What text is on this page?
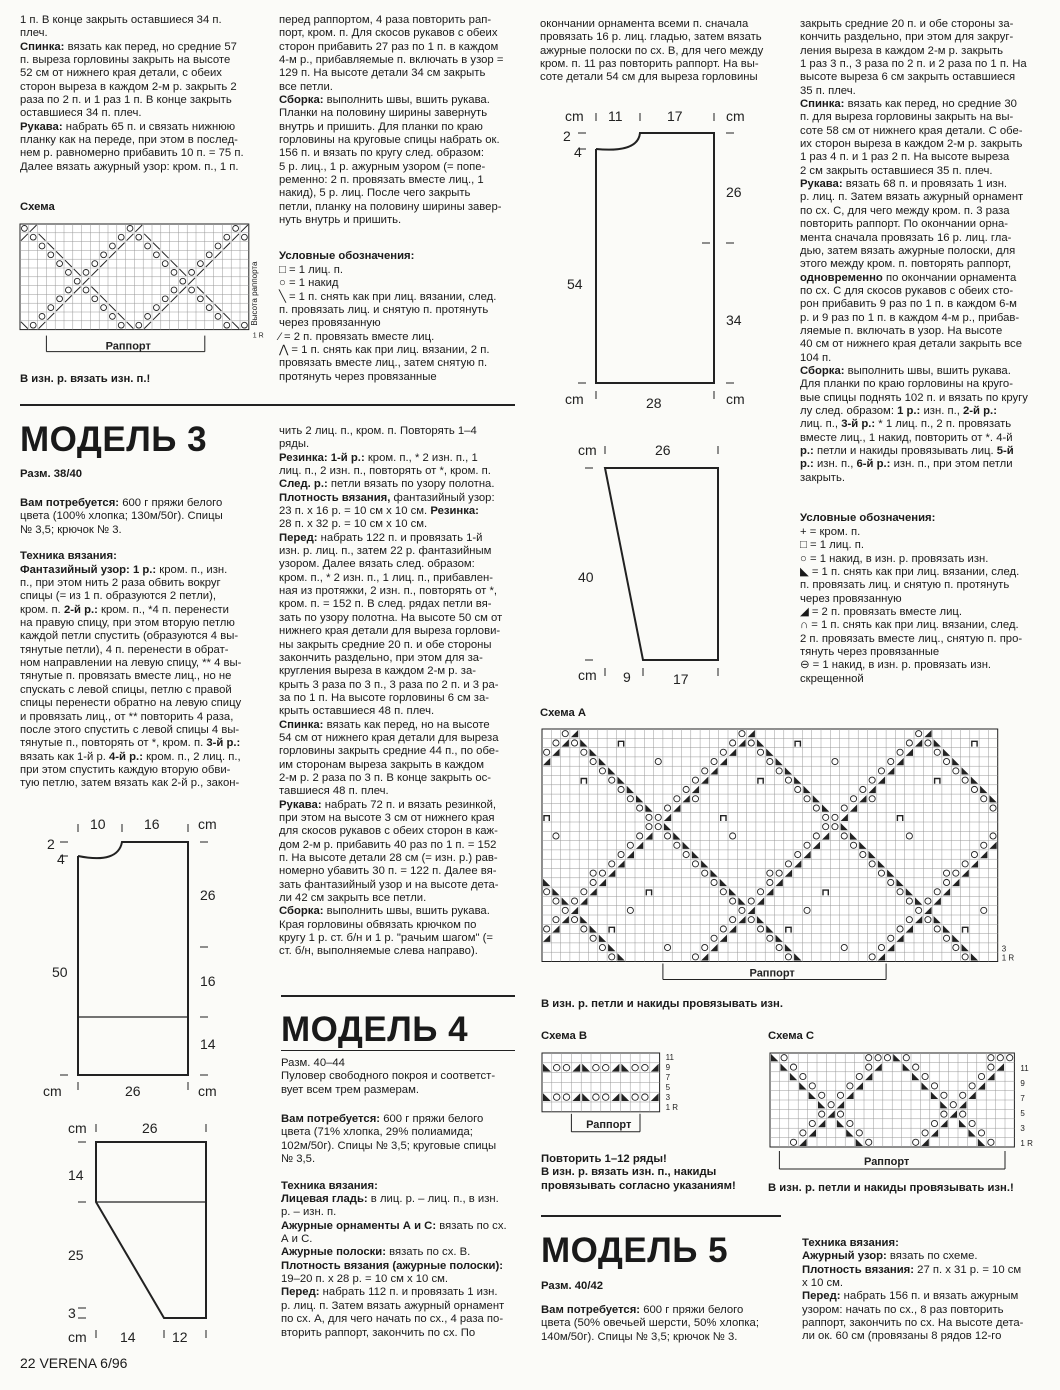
1 п. В конце закрыть оставшиеся 34 п.
плеч.
Спинка: вязать как перед, но средние 57
п. выреза горловины закрыть на высоте
52 см от нижнего края детали, с обеих
сторон выреза в каждом 2-м р. закрыть 2
раза по 2 п. и 1 раз 1 п. В конце закрыть
оставшиеся 34 п. плеч.
Рукава: набрать 65 п. и связать нижнюю
планку как на переде, при этом в послед-
нем р. равномерно прибавить 10 п. = 75 п.
Далее вязать ажурный узор: кром. п., 1 п.
перед раппортом, 4 раза повторить рап-
порт, кром. п. Для скосов рукавов с обеих
сторон прибавить 27 раз по 1 п. в каждом
4-м р., прибавляемые п. включать в узор =
129 п. На высоте детали 34 см закрыть
все петли.
Сборка: выполнить швы, вшить рукава.
Планки на половину ширины завернуть
внутрь и пришить. Для планки по краю
горловины на круговые спицы набрать ок.
156 п. и вязать по кругу след. образом:
5 р. лиц., 1 р. ажурным узором (= попе-
ременно: 2 п. провязать вместе лиц., 1
накид), 5 р. лиц. После чего закрыть
петли, планку на половину ширины завер-
нуть внутрь и пришить.
Схема
Раппорт
Высота раппорта
1 R
В изн. р. вязать изн. п.!
Условные обозначения:
□ = 1 лиц. п.
○ = 1 накид
╲ = 1 п. снять как при лиц. вязании, след.
п. провязать лиц. и снятую п. протянуть
через провязанную
⁄ = 2 п. провязать вместе лиц.
⋀ = 1 п. снять как при лиц. вязании, 2 п.
провязать вместе лиц., затем снятую п.
протянуть через провязанные
МОДЕЛЬ 3
Разм. 38/40
Вам потребуется: 600 г пряжи белого
цвета (100% хлопка; 130м/50г). Спицы
№ 3,5; крючок № 3.

Техника вязания:
Фантазийный узор: 1 р.: кром. п., изн.
п., при этом нить 2 раза обвить вокруг
спицы (= из 1 п. образуются 2 петли),
кром. п. 2-й р.: кром. п., *4 п. перенести
на правую спицу, при этом вторую петлю
каждой петли спустить (образуются 4 вы-
тянутые петли), 4 п. перенести в обрат-
ном направлении на левую спицу, ** 4 вы-
тянутые п. провязать вместе лиц., но не
спускать с левой спицы, петлю с правой
спицы перенести обратно на левую спицу
и провязать лиц., от ** повторить 4 раза,
после этого спустить с левой спицы 4 вы-
тянутые п., повторять от *, кром. п. 3-й р.:
вязать как 1-й р. 4-й р.: кром. п., 2 лиц. п.,
при этом спустить каждую вторую обви-
тую петлю, затем вязать как 2-й р., закон-
чить 2 лиц. п., кром. п. Повторять 1–4
ряды.
Резинка: 1-й р.: кром. п., * 2 изн. п., 1
лиц. п., 2 изн. п., повторять от *, кром. п.
След. р.: петли вязать по узору полотна.
Плотность вязания, фантазийный узор:
23 п. х 16 р. = 10 см х 10 см. Резинка:
28 п. х 32 р. = 10 см х 10 см.
Перед: набрать 122 п. и провязать 1-й
изн. р. лиц. п., затем 22 р. фантазийным
узором. Далее вязать след. образом:
кром. п., * 2 изн. п., 1 лиц. п., прибавлен-
ная из протяжки, 2 изн. п., повторять от *,
кром. п. = 152 п. В след. рядах петли вя-
зать по узору полотна. На высоте 50 см от
нижнего края детали для выреза горлови-
ны закрыть средние 20 п. и обе стороны
закончить раздельно, при этом для за-
кругления выреза в каждом 2-м р. за-
крыть 3 раза по 3 п., 3 раза по 2 п. и 3 ра-
за по 1 п. На высоте горловины 6 см за-
крыть оставшиеся 48 п. плеч.
Спинка: вязать как перед, но на высоте
54 см от нижнего края детали для выреза
горловины закрыть средние 44 п., по обе-
им сторонам выреза закрыть в каждом
2-м р. 2 раза по 3 п. В конце закрыть ос-
тавшиеся 48 п. плеч.
Рукава: набрать 72 п. и вязать резинкой,
при этом на высоте 3 см от нижнего края
для скосов рукавов с обеих сторон в каж-
дом 2-м р. прибавить 40 раз по 1 п. = 152
п. На высоте детали 28 см (= изн. р.) рав-
номерно убавить 30 п. = 122 п. Далее вя-
зать фантазийный узор и на высоте дета-
ли 42 см закрыть все петли.
Сборка: выполнить швы, вшить рукава.
Края горловины обвязать крючком по
кругу 1 р. ст. б/н и 1 р. "рачьим шагом" (=
ст. б/н, выполняемые слева направо).
10	16	cm
2
4
26
16
14
50
cm	26	cm
cm	26
14
25
3
cm 14	12
МОДЕЛЬ 4
Разм. 40–44
Пуловер свободного покроя и соответст-
вует всем трем размерам.
Вам потребуется: 600 г пряжи белого
цвета (71% хлопка, 29% полиамида;
102м/50г). Спицы № 3,5; круговые спицы
№ 3,5.

Техника вязания:
Лицевая гладь: в лиц. р. – лиц. п., в изн.
р. – изн. п.
Ажурные орнаменты А и С: вязать по сх.
А и С.
Ажурные полоски: вязать по сх. В.
Плотность вязания (ажурные полоски):
19–20 п. х 28 р. = 10 см х 10 см.
Перед: набрать 112 п. и провязать 1 изн.
р. лиц. п. Затем вязать ажурный орнамент
по сх. А, для чего начать по сх., 4 раза по-
вторить раппорт, закончить по сх. По
окончании орнамента всеми п. сначала
провязать 16 р. лиц. гладью, затем вязать
ажурные полоски по сх. В, для чего между
кром. п. 11 раз повторить раппорт. На вы-
соте детали 54 см для выреза горловины
cm 11	17	cm
2
4
54
26
34
cm	28	cm
cm	26
40
cm 9	17
закрыть средние 20 п. и обе стороны за-
кончить раздельно, при этом для закруг-
ления выреза в каждом 2-м р. закрыть
1 раз 3 п., 3 раза по 2 п. и 2 раза по 1 п. На
высоте выреза 6 см закрыть оставшиеся
35 п. плеч.
Спинка: вязать как перед, но средние 30
п. для выреза горловины закрыть на вы-
соте 58 см от нижнего края детали. С обе-
их сторон выреза в каждом 2-м р. закрыть
1 раз 4 п. и 1 раз 2 п. На высоте выреза
2 см закрыть оставшиеся 35 п. плеч.
Рукава: вязать 68 п. и провязать 1 изн.
р. лиц. п. Затем вязать ажурный орнамент
по сх. С, для чего между кром. п. 3 раза
повторить раппорт. По окончании орна-
мента сначала провязать 16 р. лиц. гла-
дью, затем вязать ажурные полоски, для
этого между кром. п. повторять раппорт,
одновременно по окончании орнамента
по сх. С для скосов рукавов с обеих сто-
рон прибавить 9 раз по 1 п. в каждом 6-м
р. и 9 раз по 1 п. в каждом 4-м р., прибав-
ляемые п. включать в узор. На высоте
40 см от нижнего края детали закрыть все
104 п.
Сборка: выполнить швы, вшить рукава.
Для планки по краю горловины на круго-
вые спицы поднять 102 п. и вязать по кругу
лу след. образом: 1 р.: изн. п., 2-й р.:
лиц. п., 3-й р.: * 1 лиц. п., 2 п. провязать
вместе лиц., 1 накид, повторить от *. 4-й
р.: петли и накиды провязывать лиц. 5-й
р.: изн. п., 6-й р.: изн. п., при этом петли
закрыть.
Условные обозначения:
+ = кром. п.
□ = 1 лиц. п.
○ = 1 накид, в изн. р. провязать изн.
◣ = 1 п. снять как при лиц. вязании, след.
п. провязать лиц. и снятую п. протянуть
через провязанную
◢ = 2 п. провязать вместе лиц.
∩ = 1 п. снять как при лиц. вязании, след.
2 п. провязать вместе лиц., снятую п. про-
тянуть через провязанные
⊖ = 1 накид, в изн. р. провязать изн.
скрещенной
Схема А
Раппорт
3
1 R
В изн. р. петли и накиды провязывать изн.
Схема В
Раппорт
11
9
7
5
3
1 R
Повторить 1–12 ряды!
В изн. р. вязать изн. п., накиды
провязывать согласно указаниям!
Схема С
Раппорт
11
9
7
5
3
1 R
В изн. р. петли и накиды провязывать изн.!
МОДЕЛЬ 5
Разм. 40/42
Вам потребуется: 600 г пряжи белого
цвета (50% овечьей шерсти, 50% хлопка;
140м/50г). Спицы № 3,5; крючок № 3.
Техника вязания:
Ажурный узор: вязать по схеме.
Плотность вязания: 27 п. х 31 р. = 10 см
х 10 см.
Перед: набрать 156 п. и вязать ажурным
узором: начать по сх., 8 раз повторить
раппорт, закончить по сх. На высоте дета-
ли ок. 60 см (провязаны 8 рядов 12-го
22 VERENA 6/96
